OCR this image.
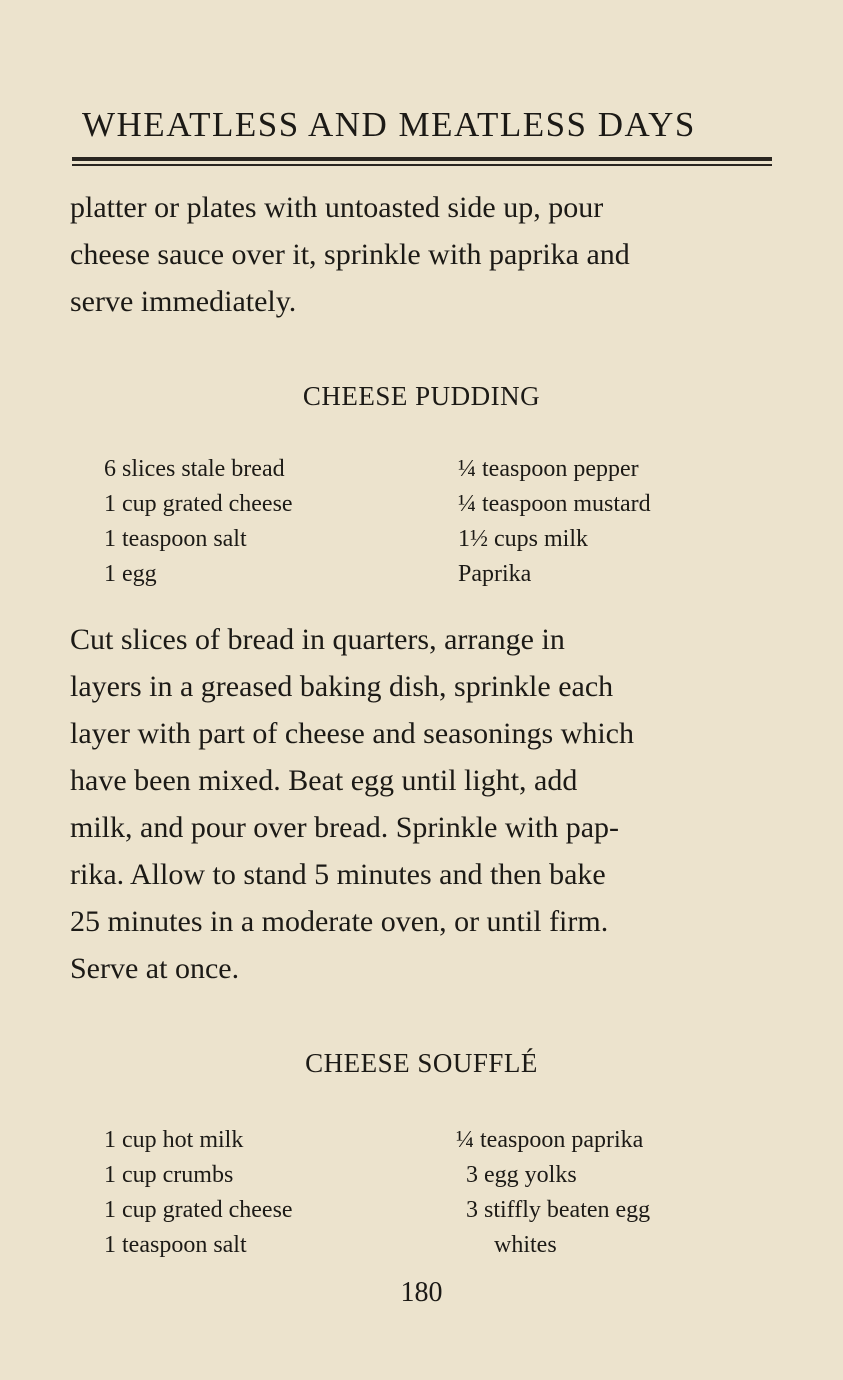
WHEATLESS AND MEATLESS DAYS

platter or plates with untoasted side up, pour

cheese sauce over it, sprinkle with paprika and

serve immediately.

CHEESE PUDDING
6 slices stale bread
1 cup grated cheese
1 teaspoon salt
1 egg
¼ teaspoon pepper
¼ teaspoon mustard
1½ cups milk
Paprika

Cut slices of bread in quarters, arrange in

layers in a greased baking dish, sprinkle each

layer with part of cheese and seasonings which

have been mixed. Beat egg until light, add

milk, and pour over bread. Sprinkle with pap-

rika. Allow to stand 5 minutes and then bake

25 minutes in a moderate oven, or until firm.

Serve at once.

CHEESE SOUFFLÉ
1 cup hot milk
1 cup crumbs
1 cup grated cheese
1 teaspoon salt
¼ teaspoon paprika
3 egg yolks
3 stiffly beaten egg
whites
180
